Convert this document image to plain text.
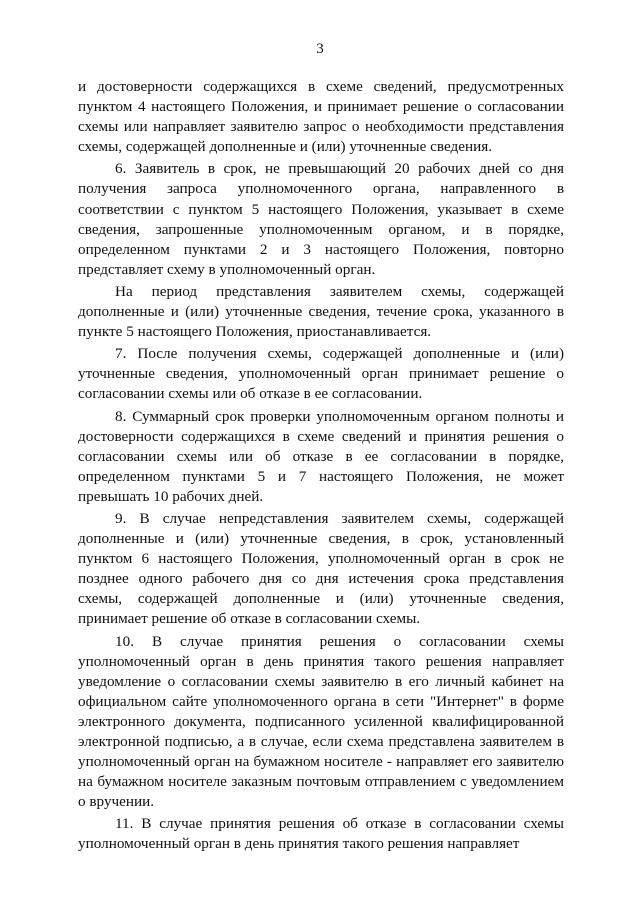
3

и достоверности содержащихся в схеме сведений, предусмотренных пунктом 4 настоящего Положения, и принимает решение о согласовании схемы или направляет заявителю запрос о необходимости представления схемы, содержащей дополненные и (или) уточненные сведения.

6. Заявитель в срок, не превышающий 20 рабочих дней со дня получения запроса уполномоченного органа, направленного в соответствии с пунктом 5 настоящего Положения, указывает в схеме сведения, запрошенные уполномоченным органом, и в порядке, определенном пунктами 2 и 3 настоящего Положения, повторно представляет схему в уполномоченный орган.

На период представления заявителем схемы, содержащей дополненные и (или) уточненные сведения, течение срока, указанного в пункте 5 настоящего Положения, приостанавливается.

7. После получения схемы, содержащей дополненные и (или) уточненные сведения, уполномоченный орган принимает решение о согласовании схемы или об отказе в ее согласовании.

8. Суммарный срок проверки уполномоченным органом полноты и достоверности содержащихся в схеме сведений и принятия решения о согласовании схемы или об отказе в ее согласовании в порядке, определенном пунктами 5 и 7 настоящего Положения, не может превышать 10 рабочих дней.

9. В случае непредставления заявителем схемы, содержащей дополненные и (или) уточненные сведения, в срок, установленный пунктом 6 настоящего Положения, уполномоченный орган в срок не позднее одного рабочего дня со дня истечения срока представления схемы, содержащей дополненные и (или) уточненные сведения, принимает решение об отказе в согласовании схемы.

10. В случае принятия решения о согласовании схемы уполномоченный орган в день принятия такого решения направляет уведомление о согласовании схемы заявителю в его личный кабинет на официальном сайте уполномоченного органа в сети "Интернет" в форме электронного документа, подписанного усиленной квалифицированной электронной подписью, а в случае, если схема представлена заявителем в уполномоченный орган на бумажном носителе - направляет его заявителю на бумажном носителе заказным почтовым отправлением с уведомлением о вручении.

11. В случае принятия решения об отказе в согласовании схемы уполномоченный орган в день принятия такого решения направляет
